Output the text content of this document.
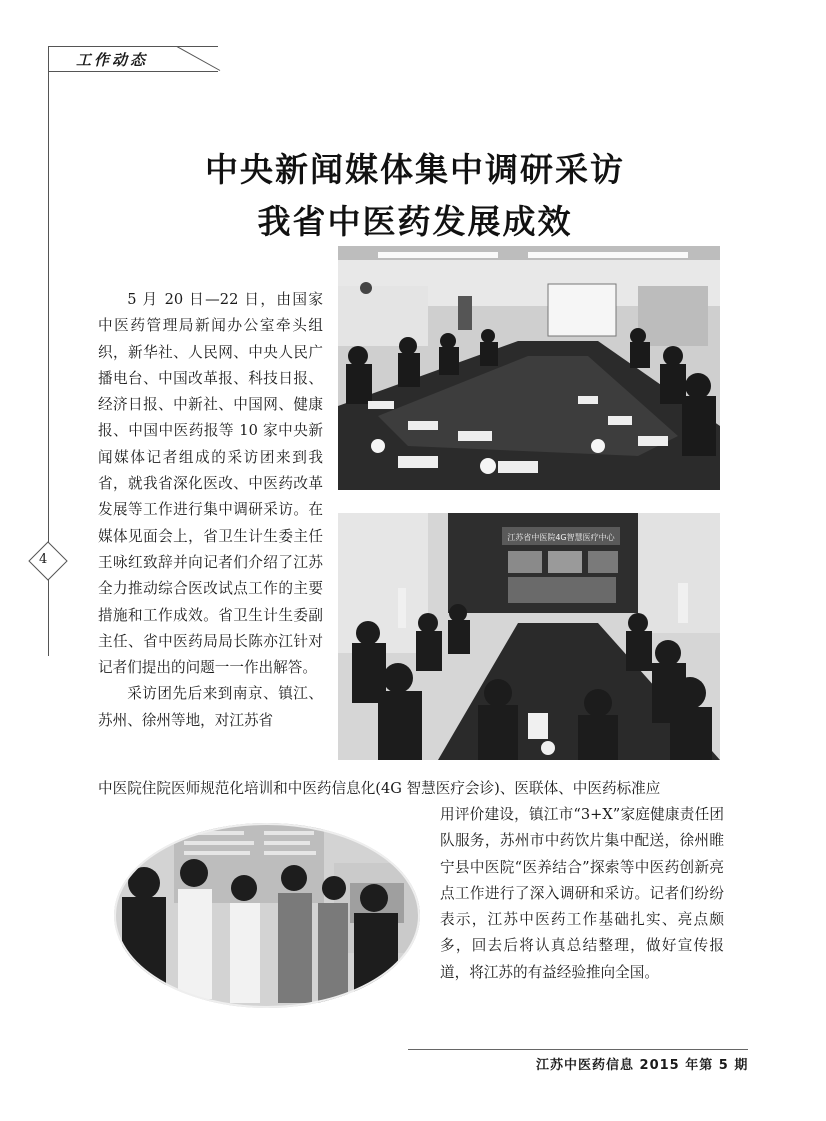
工作动态
4
中央新闻媒体集中调研采访
我省中医药发展成效
江苏省中医院4G智慧医疗中心

5 月 20 日—22 日，由国家中医药管理局新闻办公室牵头组织，新华社、人民网、中央人民广播电台、中国改革报、科技日报、经济日报、中新社、中国网、健康报、中国中医药报等 10 家中央新闻媒体记者组成的采访团来到我省，就我省深化医改、中医药改革发展等工作进行集中调研采访。在媒体见面会上，省卫生计生委主任王咏红致辞并向记者们介绍了江苏全力推动综合医改试点工作的主要措施和工作成效。省卫生计生委副主任、省中医药局局长陈亦江针对记者们提出的问题一一作出解答。

采访团先后来到南京、镇江、苏州、徐州等地，对江苏省

中医院住院医师规范化培训和中医药信息化(4G 智慧医疗会诊)、医联体、中医药标准应
用评价建设，镇江市“3+X”家庭健康责任团队服务，苏州市中药饮片集中配送，徐州睢宁县中医院“医养结合”探索等中医药创新亮点工作进行了深入调研和采访。记者们纷纷表示，江苏中医药工作基础扎实、亮点颇多，回去后将认真总结整理，做好宣传报道，将江苏的有益经验推向全国。
江苏中医药信息 2015 年第 5 期
